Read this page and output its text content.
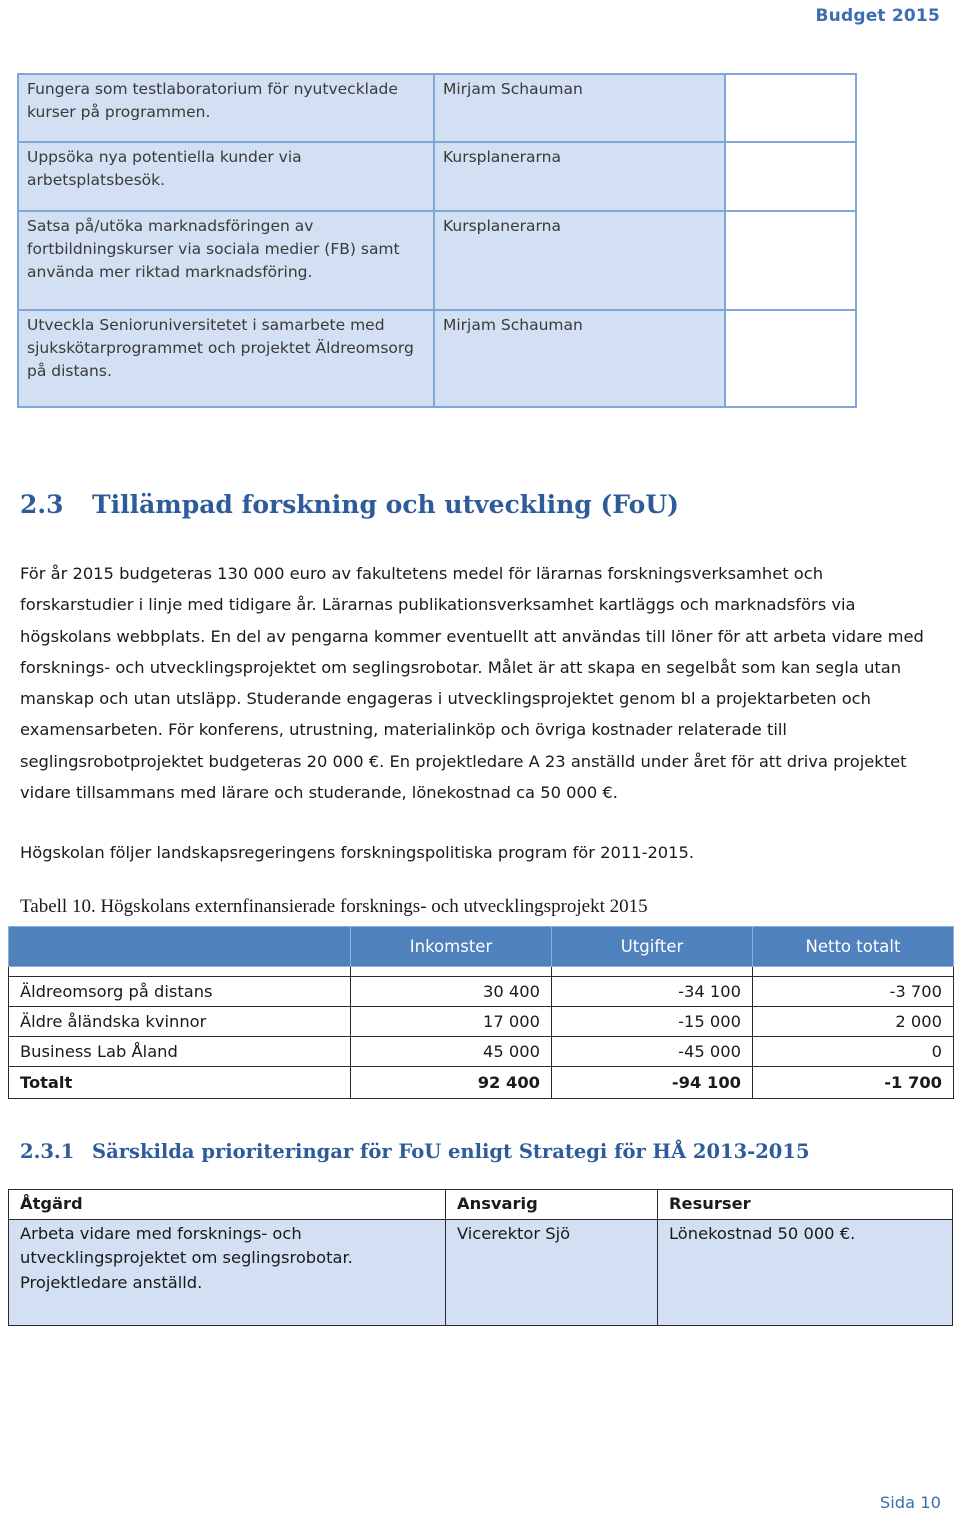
Budget 2015
Fungera som testlaboratorium för nyutvecklade kurser på programmen.	Mirjam Schauman	
Uppsöka nya potentiella kunder via arbetsplatsbesök.	Kursplanerarna	
Satsa på/utöka marknadsföringen av fortbildningskurser via sociala medier (FB) samt använda mer riktad marknadsföring.	Kursplanerarna	
Utveckla Senioruniversitetet i samarbete med sjukskötarprogrammet och projektet Äldreomsorg på distans.	Mirjam Schauman	
2.3 Tillämpad forskning och utveckling (FoU)
För år 2015 budgeteras 130 000 euro av fakultetens medel för lärarnas forskningsverksamhet och forskarstudier i linje med tidigare år. Lärarnas publikationsverksamhet kartläggs och marknadsförs via högskolans webbplats. En del av pengarna kommer eventuellt att användas till löner för att arbeta vidare med forsknings- och utvecklingsprojektet om seglingsrobotar. Målet är att skapa en segelbåt som kan segla utan manskap och utan utsläpp. Studerande engageras i utvecklingsprojektet genom bl a projektarbeten och examensarbeten. För konferens, utrustning, materialinköp och övriga kostnader relaterade till seglingsrobotprojektet budgeteras 20 000 €. En projektledare A 23 anställd under året för att driva projektet vidare tillsammans med lärare och studerande, lönekostnad ca 50 000 €.
Högskolan följer landskapsregeringens forskningspolitiska program för 2011-2015.
Tabell 10. Högskolans externfinansierade forsknings- och utvecklingsprojekt 2015
	Inkomster	Utgifter	Netto totalt

Äldreomsorg på distans	30 400	-34 100	-3 700
Äldre åländska kvinnor	17 000	-15 000	2 000
Business Lab Åland	45 000	-45 000	0
Totalt	92 400	-94 100	-1 700
2.3.1 Särskilda prioriteringar för FoU enligt Strategi för HÅ 2013-2015
Åtgärd	Ansvarig	Resurser
Arbeta vidare med forsknings- och utvecklingsprojektet om seglingsrobotar. Projektledare anställd.	Vicerektor Sjö	Lönekostnad 50 000 €.
Sida 10
